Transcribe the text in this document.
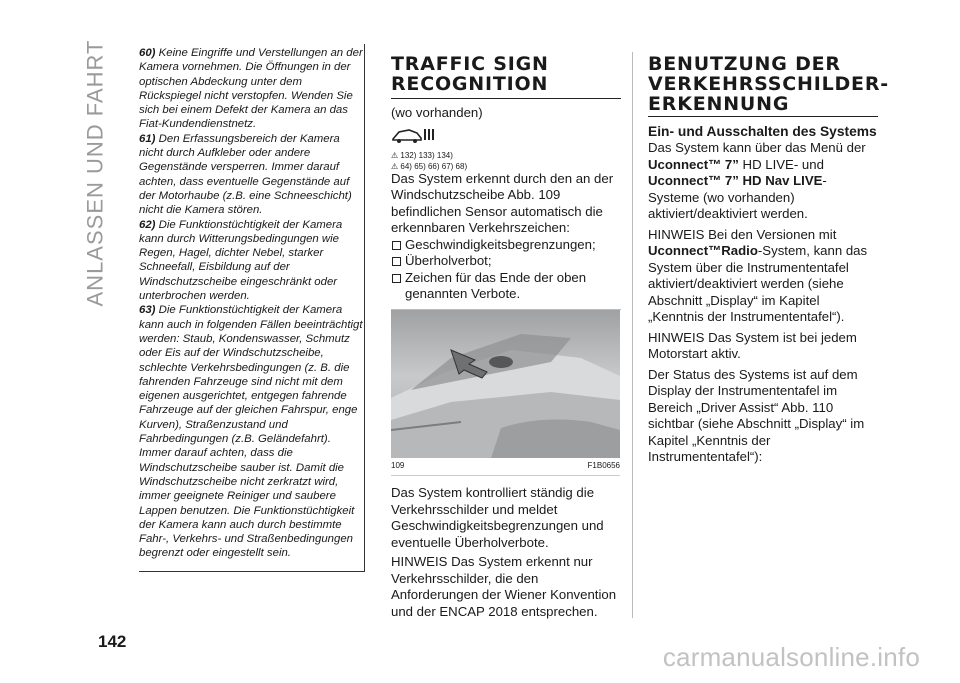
ANLASSEN UND FAHRT	60) Keine Eingriffe und Verstellungen an der Kamera vornehmen. Die Öffnungen in der optischen Abdeckung unter dem Rückspiegel nicht verstopfen. Wenden Sie sich bei einem Defekt der Kamera an das Fiat-Kundendienstnetz.

61) Den Erfassungsbereich der Kamera nicht durch Aufkleber oder andere Gegenstände versperren. Immer darauf achten, dass eventuelle Gegenstände auf der Motorhaube (z.B. eine Schneeschicht) nicht die Kamera stören.

62) Die Funktionstüchtigkeit der Kamera kann durch Witterungsbedingungen wie Regen, Hagel, dichter Nebel, starker Schneefall, Eisbildung auf der Windschutzscheibe eingeschränkt oder unterbrochen werden.

63) Die Funktionstüchtigkeit der Kamera kann auch in folgenden Fällen beeinträchtigt werden: Staub, Kondenswasser, Schmutz oder Eis auf der Windschutzscheibe, schlechte Verkehrsbedingungen (z. B. die fahrenden Fahrzeuge sind nicht mit dem eigenen ausgerichtet, entgegen fahrende Fahrzeuge auf der gleichen Fahrspur, enge Kurven), Straßenzustand und Fahrbedingungen (z.B. Geländefahrt). Immer darauf achten, dass die Windschutzscheibe sauber ist. Damit die Windschutzscheibe nicht zerkratzt wird, immer geeignete Reiniger und saubere Lappen benutzen. Die Funktionstüchtigkeit der Kamera kann auch durch bestimmte Fahr-, Verkehrs- und Straßenbedingungen begrenzt oder eingestellt sein.

TRAFFIC SIGN RECOGNITION

(wo vorhanden)

⚠ 132) 133) 134)

⚠ 64) 65) 66) 67) 68)

Das System erkennt durch den an der Windschutzscheibe Abb. 109 befindlichen Sensor automatisch die erkennbaren Verkehrszeichen:

Geschwindigkeitsbegrenzungen;
Überholverbot;
Zeichen für das Ende der oben genannten Verbote.
109	F1B0656

Das System kontrolliert ständig die Verkehrsschilder und meldet Geschwindigkeitsbegrenzungen und eventuelle Überholverbote.

HINWEIS Das System erkennt nur Verkehrsschilder, die den Anforderungen der Wiener Konvention und der ENCAP 2018 entsprechen.

BENUTZUNG DER VERKEHRSSCHILDER-ERKENNUNG

Ein- und Ausschalten des Systems

Das System kann über das Menü der Uconnect™ 7” HD LIVE- und Uconnect™ 7” HD Nav LIVE-Systeme (wo vorhanden) aktiviert/deaktiviert werden.

HINWEIS Bei den Versionen mit Uconnect™Radio-System, kann das System über die Instrumententafel aktiviert/deaktiviert werden (siehe Abschnitt „Display“ im Kapitel „Kenntnis der Instrumententafel“).

HINWEIS Das System ist bei jedem Motorstart aktiv.

Der Status des Systems ist auf dem Display der Instrumententafel im Bereich „Driver Assist“ Abb. 110 sichtbar (siehe Abschnitt „Display“ im Kapitel „Kenntnis der Instrumententafel“):

142
carmanualsonline.info
